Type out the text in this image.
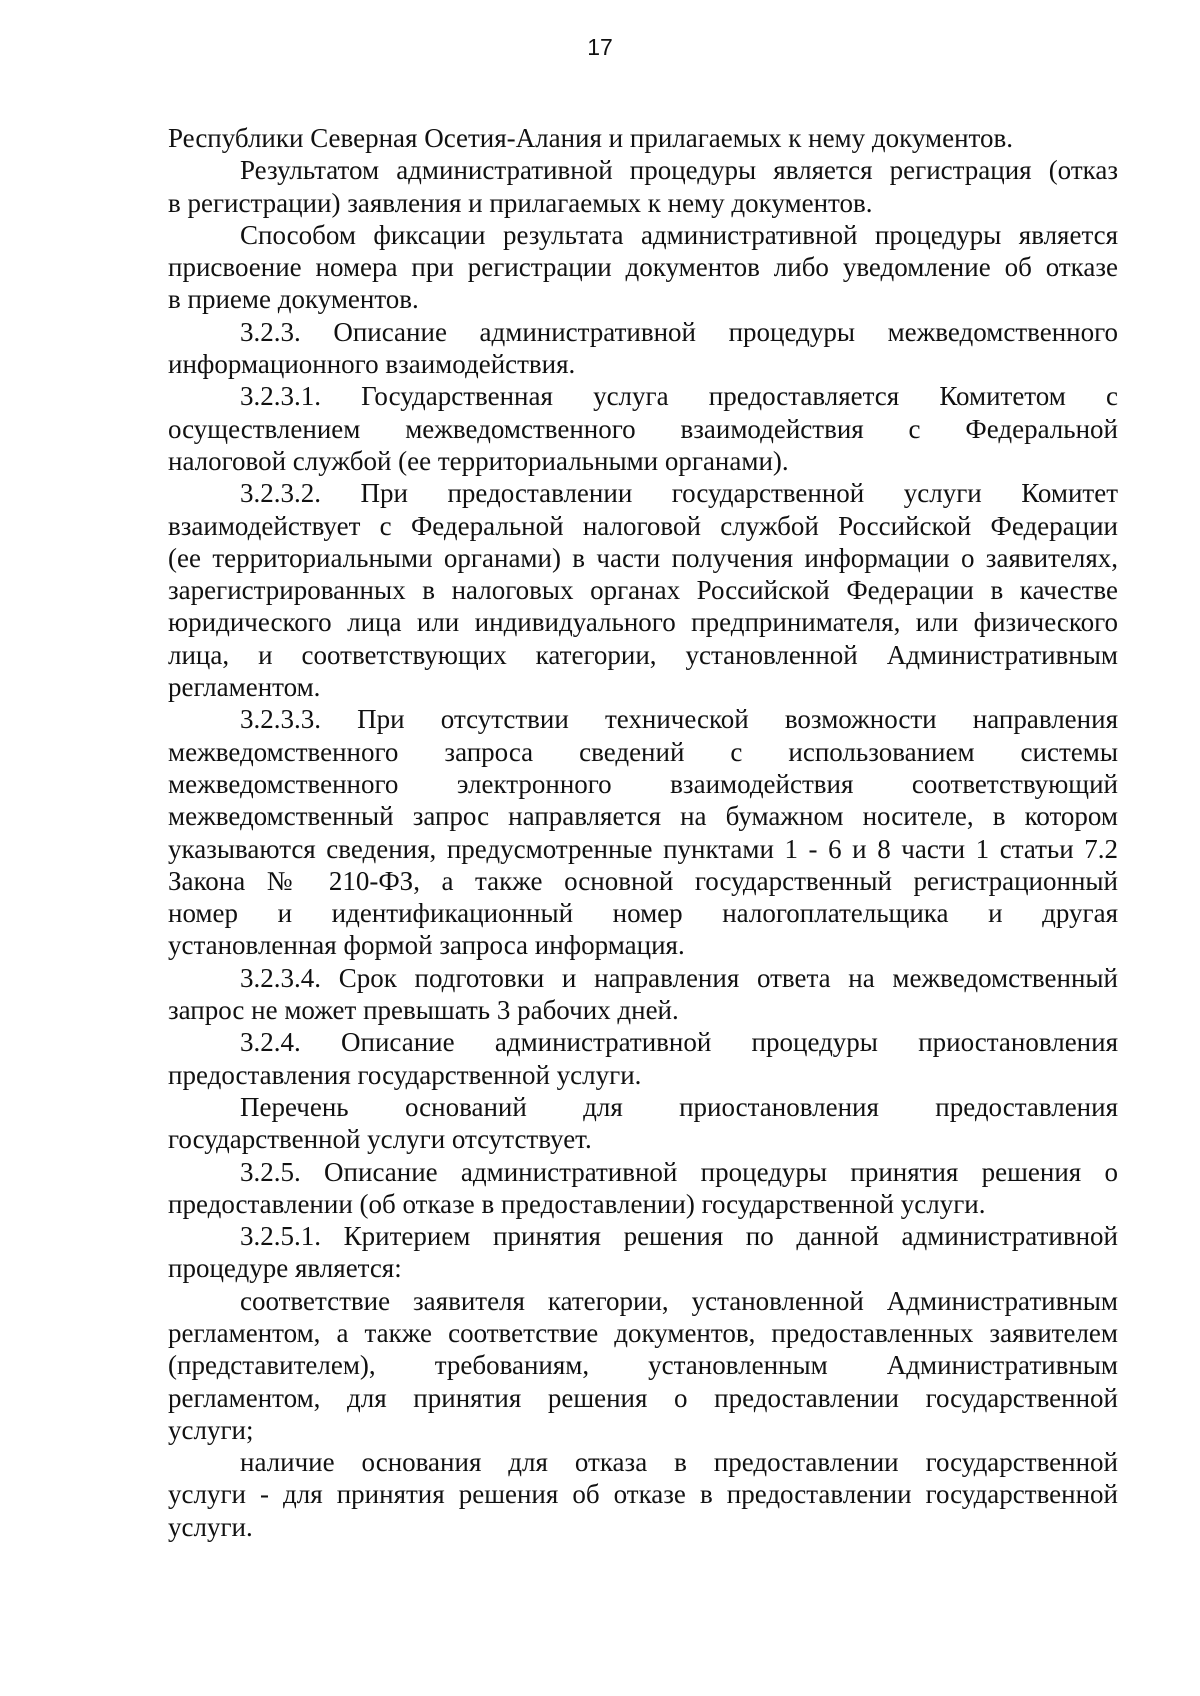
17
Республики Северная Осетия-Алания и прилагаемых к нему документов.
Результатом административной процедуры является регистрация (отказ
в регистрации) заявления и прилагаемых к нему документов.
Способом фиксации результата административной процедуры является
присвоение номера при регистрации документов либо уведомление об отказе
в приеме документов.
3.2.3. Описание административной процедуры межведомственного
информационного взаимодействия.
3.2.3.1. Государственная услуга предоставляется Комитетом с
осуществлением межведомственного взаимодействия с Федеральной
налоговой службой (ее территориальными органами).
3.2.3.2. При предоставлении государственной услуги Комитет
взаимодействует с Федеральной налоговой службой Российской Федерации
(ее территориальными органами) в части получения информации о заявителях,
зарегистрированных в налоговых органах Российской Федерации в качестве
юридического лица или индивидуального предпринимателя, или физического
лица, и соответствующих категории, установленной Административным
регламентом.
3.2.3.3. При отсутствии технической возможности направления
межведомственного запроса сведений с использованием системы
межведомственного электронного взаимодействия соответствующий
межведомственный запрос направляется на бумажном носителе, в котором
указываются сведения, предусмотренные пунктами 1 - 6 и 8 части 1 статьи 7.2
Закона № 210-ФЗ, а также основной государственный регистрационный
номер и идентификационный номер налогоплательщика и другая
установленная формой запроса информация.
3.2.3.4. Срок подготовки и направления ответа на межведомственный
запрос не может превышать 3 рабочих дней.
3.2.4. Описание административной процедуры приостановления
предоставления государственной услуги.
Перечень оснований для приостановления предоставления
государственной услуги отсутствует.
3.2.5. Описание административной процедуры принятия решения о
предоставлении (об отказе в предоставлении) государственной услуги.
3.2.5.1. Критерием принятия решения по данной административной
процедуре является:
соответствие заявителя категории, установленной Административным
регламентом, а также соответствие документов, предоставленных заявителем
(представителем), требованиям, установленным Административным
регламентом, для принятия решения о предоставлении государственной
услуги;
наличие основания для отказа в предоставлении государственной
услуги - для принятия решения об отказе в предоставлении государственной
услуги.
